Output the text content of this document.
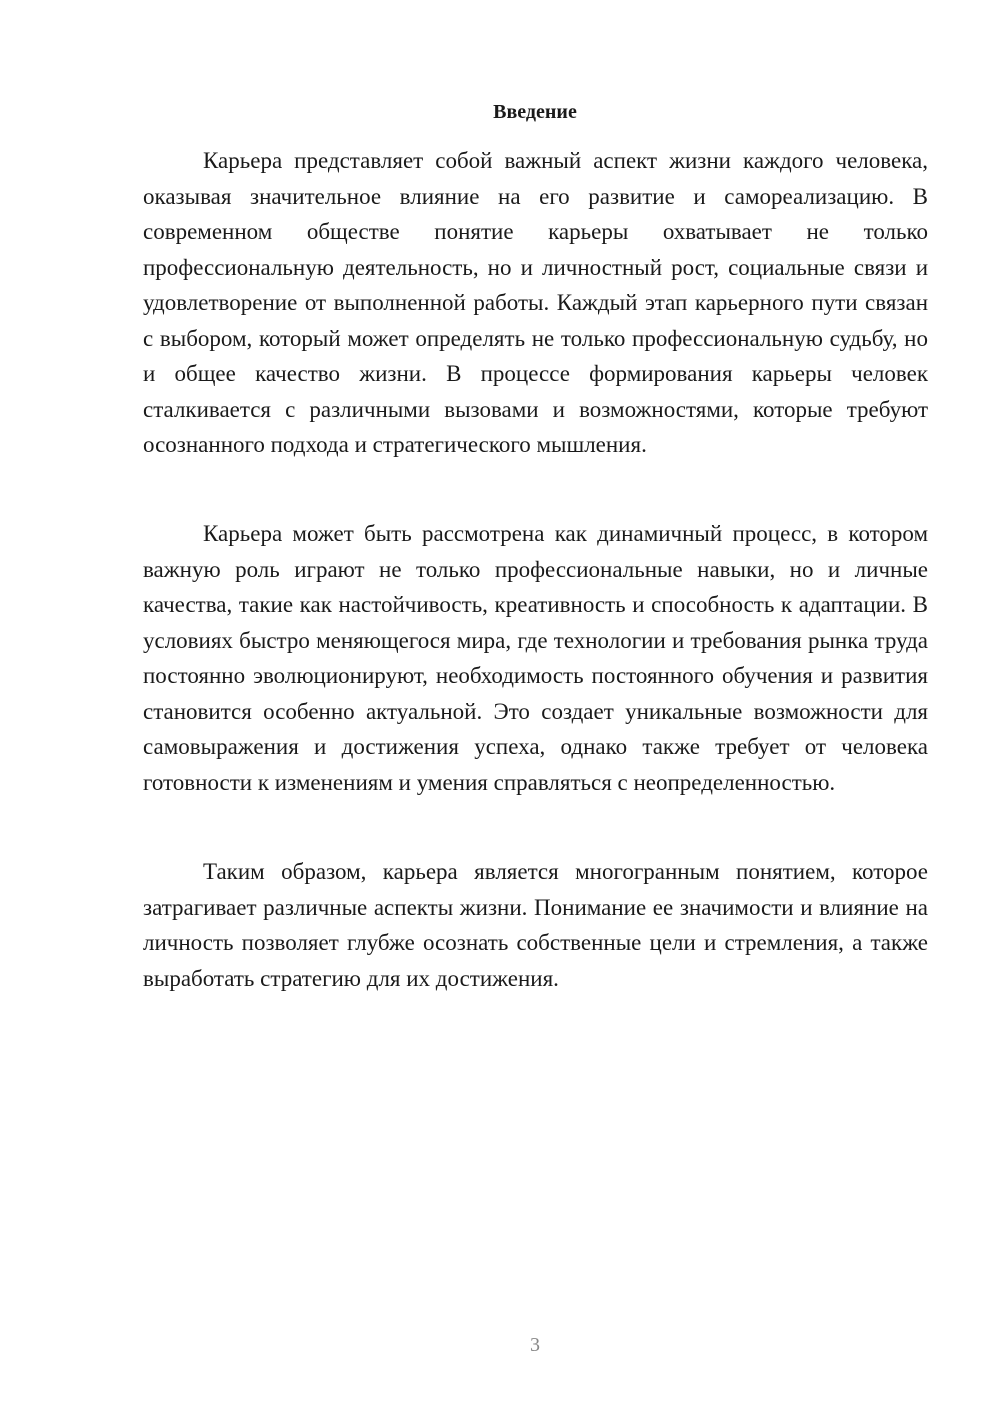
Введение

Карьера представляет собой важный аспект жизни каждого человека, оказывая значительное влияние на его развитие и самореализацию. В современном обществе понятие карьеры охватывает не только профессиональную деятельность, но и личностный рост, социальные связи и удовлетворение от выполненной работы. Каждый этап карьерного пути связан с выбором, который может определять не только профессиональную судьбу, но и общее качество жизни. В процессе формирования карьеры человек сталкивается с различными вызовами и возможностями, которые требуют осознанного подхода и стратегического мышления.

Карьера может быть рассмотрена как динамичный процесс, в котором важную роль играют не только профессиональные навыки, но и личные качества, такие как настойчивость, креативность и способность к адаптации. В условиях быстро меняющегося мира, где технологии и требования рынка труда постоянно эволюционируют, необходимость постоянного обучения и развития становится особенно актуальной. Это создает уникальные возможности для самовыражения и достижения успеха, однако также требует от человека готовности к изменениям и умения справляться с неопределенностью.

Таким образом, карьера является многогранным понятием, которое затрагивает различные аспекты жизни. Понимание ее значимости и влияние на личность позволяет глубже осознать собственные цели и стремления, а также выработать стратегию для их достижения.

3
